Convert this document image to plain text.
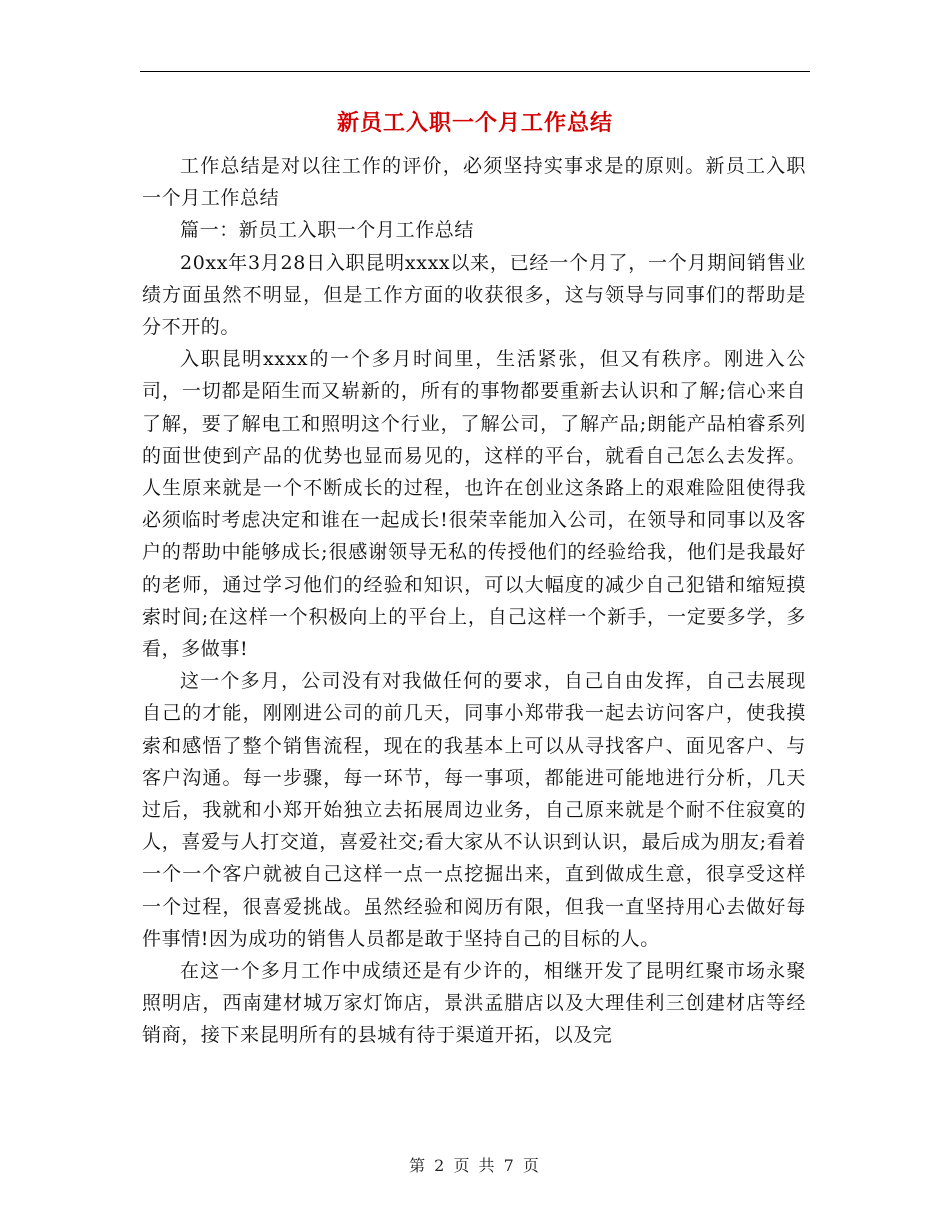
新员工入职一个月工作总结

工作总结是对以往工作的评价，必须坚持实事求是的原则。新员工入职一个月工作总结

篇一：新员工入职一个月工作总结

20xx年3月28日入职昆明xxxx以来，已经一个月了，一个月期间销售业绩方面虽然不明显，但是工作方面的收获很多，这与领导与同事们的帮助是分不开的。

入职昆明xxxx的一个多月时间里，生活紧张，但又有秩序。刚进入公司，一切都是陌生而又崭新的，所有的事物都要重新去认识和了解;信心来自了解，要了解电工和照明这个行业，了解公司，了解产品;朗能产品柏睿系列的面世使到产品的优势也显而易见的，这样的平台，就看自己怎么去发挥。人生原来就是一个不断成长的过程，也许在创业这条路上的艰难险阻使得我必须临时考虑决定和谁在一起成长!很荣幸能加入公司，在领导和同事以及客户的帮助中能够成长;很感谢领导无私的传授他们的经验给我，他们是我最好的老师，通过学习他们的经验和知识，可以大幅度的减少自己犯错和缩短摸索时间;在这样一个积极向上的平台上，自己这样一个新手，一定要多学，多看，多做事!

这一个多月，公司没有对我做任何的要求，自己自由发挥，自己去展现自己的才能，刚刚进公司的前几天，同事小郑带我一起去访问客户，使我摸索和感悟了整个销售流程，现在的我基本上可以从寻找客户、面见客户、与客户沟通。每一步骤，每一环节，每一事项，都能进可能地进行分析，几天过后，我就和小郑开始独立去拓展周边业务，自己原来就是个耐不住寂寞的人，喜爱与人打交道，喜爱社交;看大家从不认识到认识，最后成为朋友;看着一个一个客户就被自己这样一点一点挖掘出来，直到做成生意，很享受这样一个过程，很喜爱挑战。虽然经验和阅历有限，但我一直坚持用心去做好每件事情!因为成功的销售人员都是敢于坚持自己的目标的人。

在这一个多月工作中成绩还是有少许的，相继开发了昆明红聚市场永聚照明店，西南建材城万家灯饰店，景洪孟腊店以及大理佳利三创建材店等经销商，接下来昆明所有的县城有待于渠道开拓，以及完

第 2 页 共 7 页
